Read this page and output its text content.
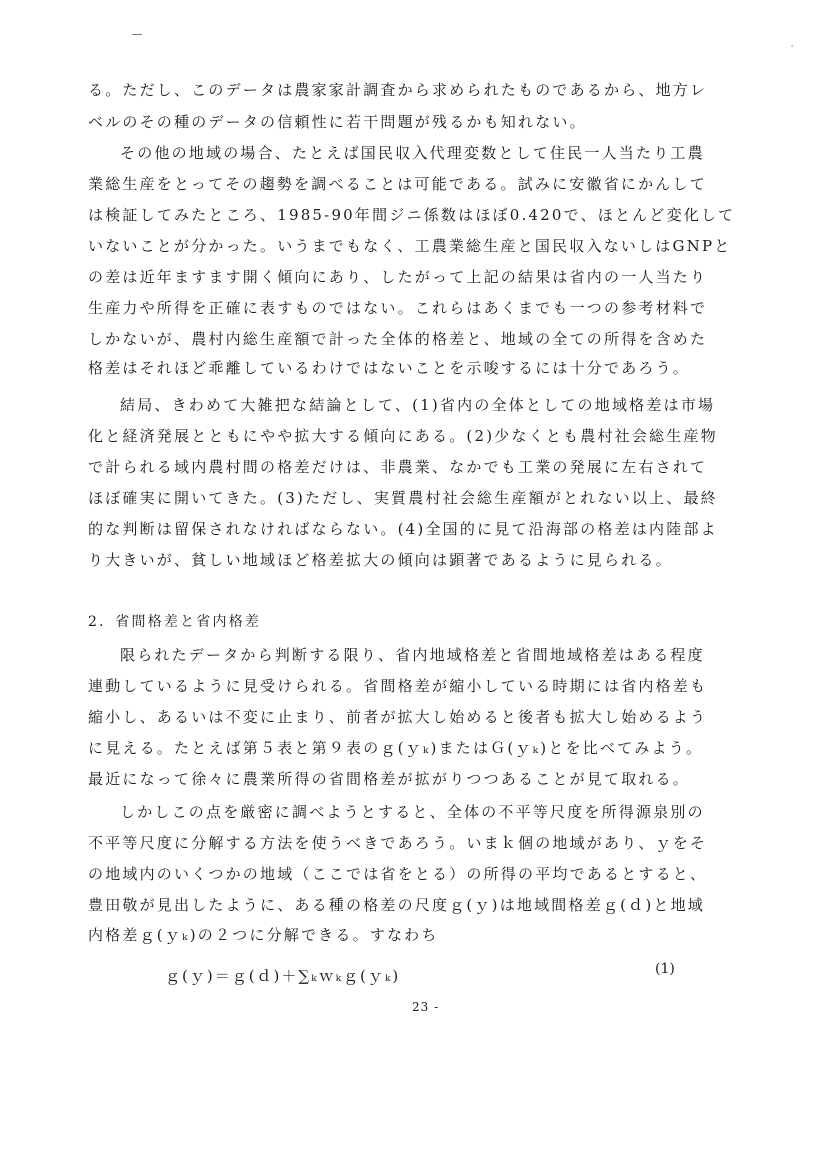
ﾟ
る。ただし、このデータは農家家計調査から求められたものであるから、地方レ
ベルのその種のデータの信頼性に若干問題が残るかも知れない。
その他の地域の場合、たとえば国民収入代理変数として住民一人当たり工農
業総生産をとってその趨勢を調べることは可能である。試みに安徽省にかんして
は検証してみたところ、1985-90年間ジニ係数はほぼ0.420で、ほとんど変化して
いないことが分かった。いうまでもなく、工農業総生産と国民収入ないしはGNPと
の差は近年ますます開く傾向にあり、したがって上記の結果は省内の一人当たり
生産力や所得を正確に表すものではない。これらはあくまでも一つの参考材料で
しかないが、農村内総生産額で計った全体的格差と、地域の全ての所得を含めた
格差はそれほど乖離しているわけではないことを示唆するには十分であろう。
結局、きわめて大雑把な結論として、(1)省内の全体としての地域格差は市場
化と経済発展とともにやや拡大する傾向にある。(2)少なくとも農村社会総生産物
で計られる域内農村間の格差だけは、非農業、なかでも工業の発展に左右されて
ほぼ確実に開いてきた。(3)ただし、実質農村社会総生産額がとれない以上、最終
的な判断は留保されなければならない。(4)全国的に見て沿海部の格差は内陸部よ
り大きいが、貧しい地域ほど格差拡大の傾向は顕著であるように見られる。
2．省間格差と省内格差
限られたデータから判断する限り、省内地域格差と省間地域格差はある程度
連動しているように見受けられる。省間格差が縮小している時期には省内格差も
縮小し、あるいは不変に止まり、前者が拡大し始めると後者も拡大し始めるよう
に見える。たとえば第５表と第９表のｇ(ｙₖ)またはＧ(ｙₖ)とを比べてみよう。
最近になって徐々に農業所得の省間格差が拡がりつつあることが見て取れる。
しかしこの点を厳密に調べようとすると、全体の不平等尺度を所得源泉別の
不平等尺度に分解する方法を使うべきであろう。いまｋ個の地域があり、ｙをそ
の地域内のいくつかの地域（ここでは省をとる）の所得の平均であるとすると、
豊田敬が見出したように、ある種の格差の尺度ｇ(ｙ)は地域間格差ｇ(ｄ)と地域
内格差ｇ(ｙₖ)の２つに分解できる。すなわち
ｇ(ｙ)＝ｇ(ｄ)＋∑ₖｗₖｇ(ｙₖ)	(1)
23 -
